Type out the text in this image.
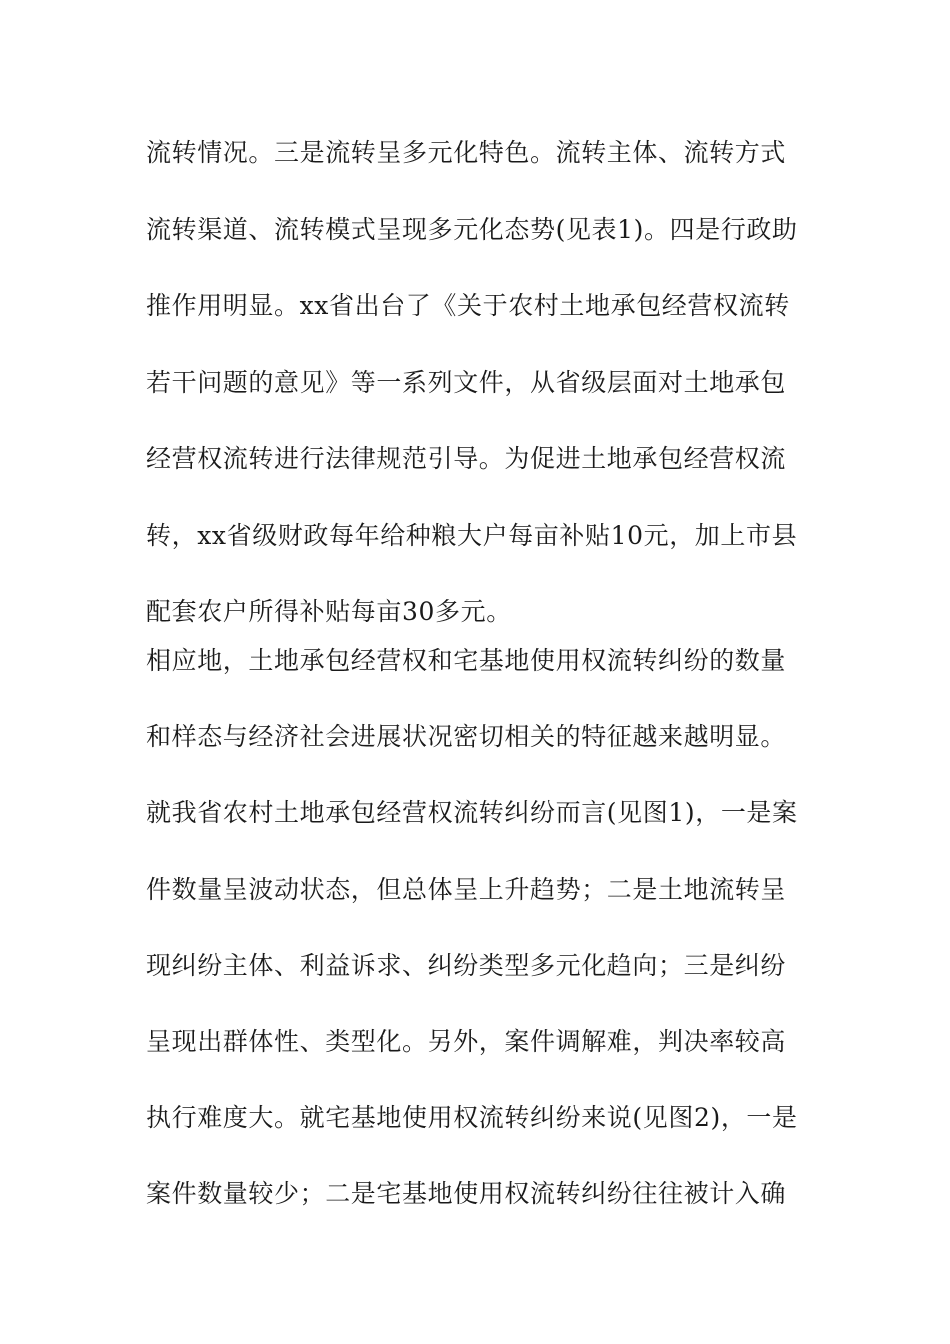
流转情况。三是流转呈多元化特色。流转主体、流转方式
流转渠道、流转模式呈现多元化态势(见表1)。四是行政助
推作用明显。xx省出台了《关于农村土地承包经营权流转
若干问题的意见》等一系列文件，从省级层面对土地承包
经营权流转进行法律规范引导。为促进土地承包经营权流
转，xx省级财政每年给种粮大户每亩补贴10元，加上市县
配套农户所得补贴每亩30多元。
相应地，土地承包经营权和宅基地使用权流转纠纷的数量
和样态与经济社会进展状况密切相关的特征越来越明显。
就我省农村土地承包经营权流转纠纷而言(见图1)，一是案
件数量呈波动状态，但总体呈上升趋势；二是土地流转呈
现纠纷主体、利益诉求、纠纷类型多元化趋向；三是纠纷
呈现出群体性、类型化。另外，案件调解难，判决率较高
执行难度大。就宅基地使用权流转纠纷来说(见图2)，一是
案件数量较少；二是宅基地使用权流转纠纷往往被计入确
